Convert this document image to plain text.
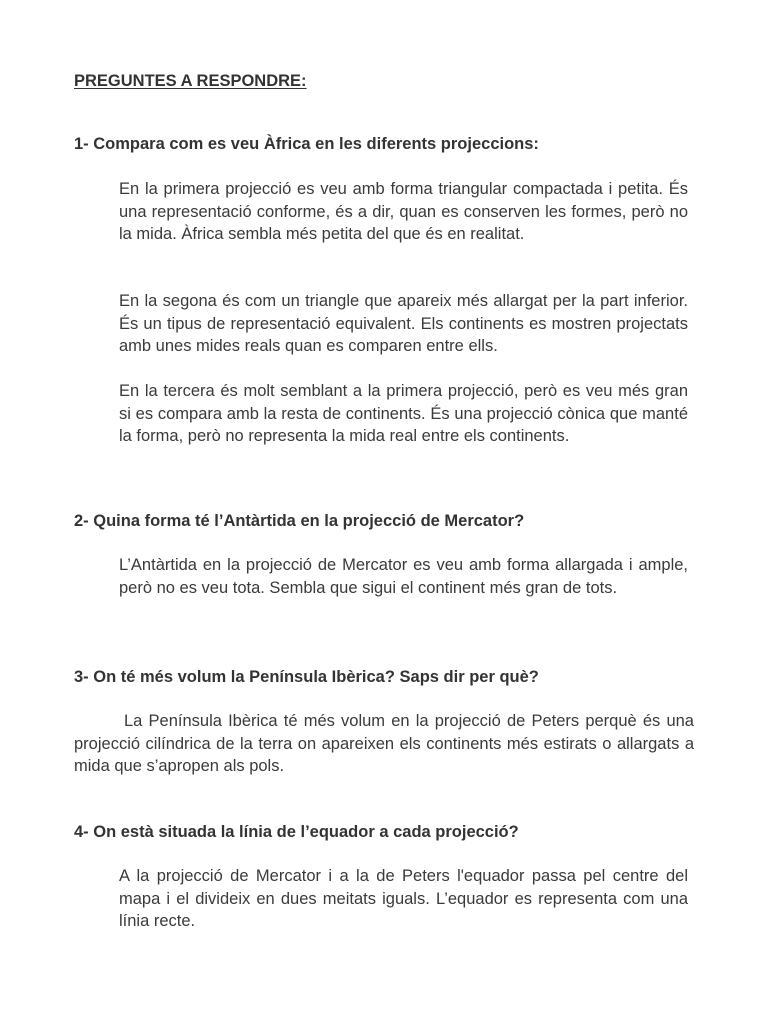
PREGUNTES A RESPONDRE:
1- Compara com es veu Àfrica en les diferents projeccions:

En la primera projecció es veu amb forma triangular compactada i petita. És una representació conforme, és a dir, quan es conserven les formes, però no la mida. Àfrica sembla més petita del que és en realitat.

En la segona és com un triangle que apareix més allargat per la part inferior. És un tipus de representació equivalent. Els continents es mostren projectats amb unes mides reals quan es comparen entre ells.

En la tercera és molt semblant a la primera projecció, però es veu més gran si es compara amb la resta de continents. És una projecció cònica que manté la forma, però no representa la mida real entre els continents.

2- Quina forma té l’Antàrtida en la projecció de Mercator?

L’Antàrtida en la projecció de Mercator es veu amb forma allargada i ample, però no es veu tota. Sembla que sigui el continent més gran de tots.

3- On té més volum la Península Ibèrica? Saps dir per què?

La Península Ibèrica té més volum en la projecció de Peters perquè és una projecció cilíndrica de la terra on apareixen els continents més estirats o allargats a mida que s’apropen als pols.

4- On està situada la línia de l’equador a cada projecció?

A la projecció de Mercator i a la de Peters l'equador passa pel centre del mapa i el divideix en dues meitats iguals. L’equador es representa com una línia recte.
